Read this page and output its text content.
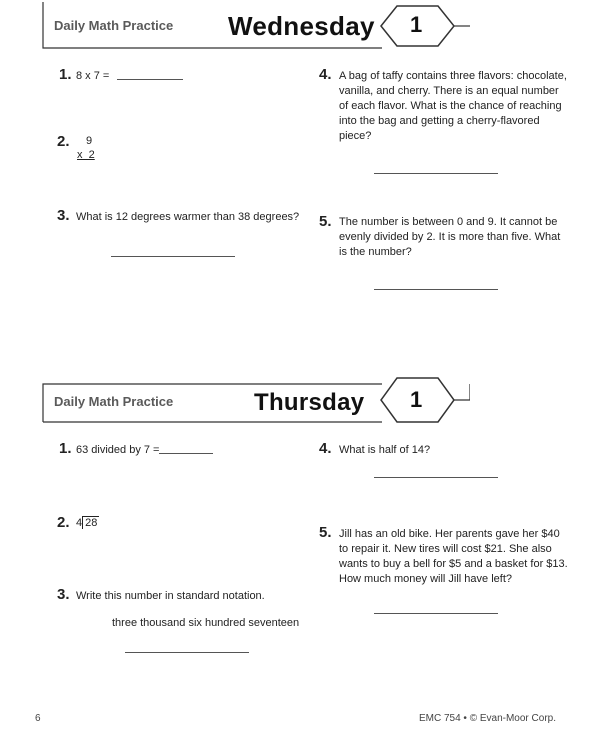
Daily Math Practice Wednesday 1
1. 8 x 7 =
2. 9
x  2
3. What is 12 degrees warmer than 38 degrees?
4. A bag of taffy contains three flavors: chocolate,
vanilla, and cherry. There is an equal number
of each flavor. What is the chance of reaching
into the bag and getting a cherry-flavored
piece?
5. The number is between 0 and 9. It cannot be
evenly divided by 2. It is more than five. What
is the number?
Daily Math Practice	Thursday 1
1. 63 divided by 7 =
2. 4 28
3. Write this number in standard notation.
three thousand six hundred seventeen
4. What is half of 14?
5. Jill has an old bike. Her parents gave her $40
to repair it. New tires will cost $21. She also
wants to buy a bell for $5 and a basket for $13.
How much money will Jill have left?
6	EMC 754 • © Evan-Moor Corp.
